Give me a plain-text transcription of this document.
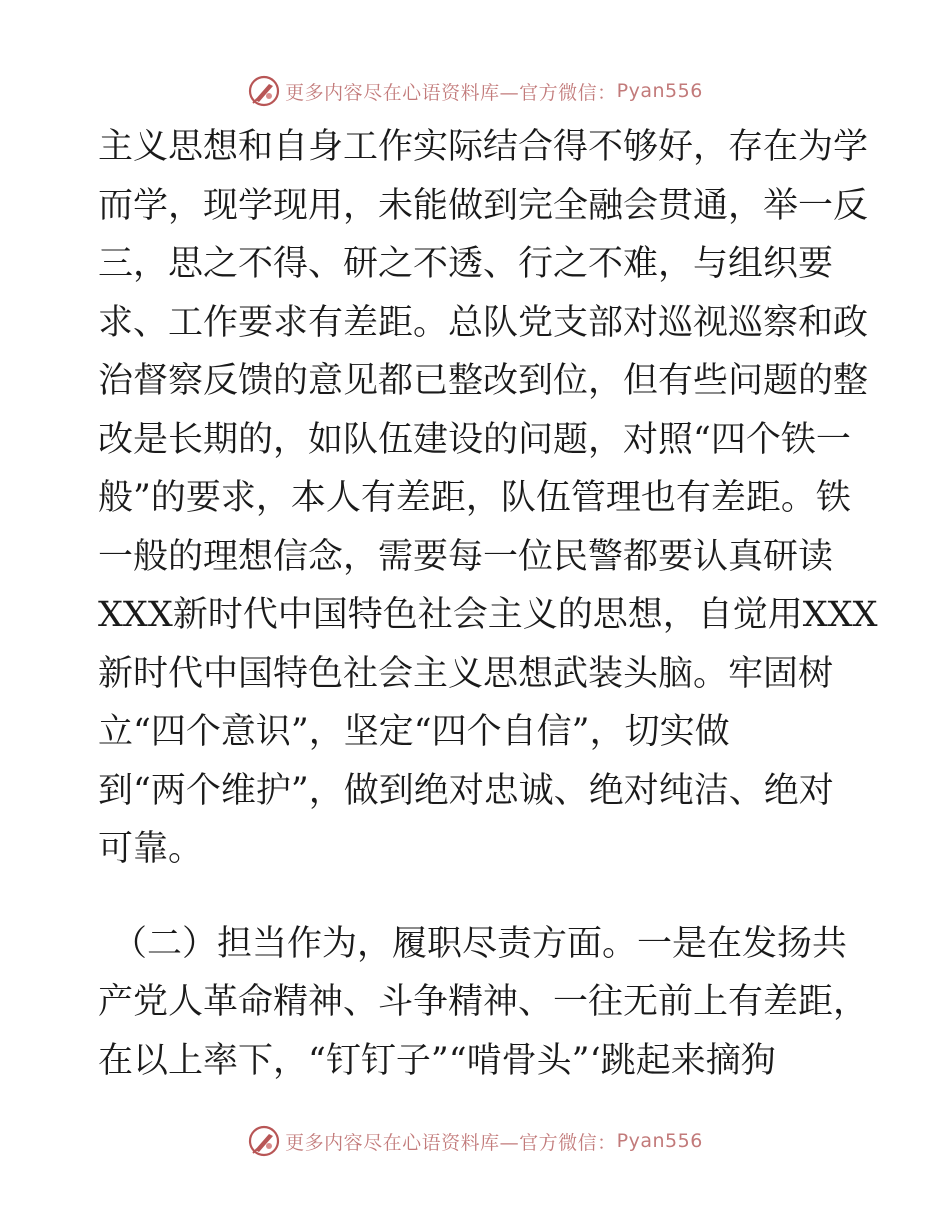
更多内容尽在心语资料库—官方微信： Pyan556
主义思想和自身工作实际结合得不够好，存在为学
而学，现学现用，未能做到完全融会贯通，举一反
三，思之不得、研之不透、行之不难，与组织要
求、工作要求有差距。总队党支部对巡视巡察和政
治督察反馈的意见都已整改到位，但有些问题的整
改是长期的，如队伍建设的问题，对照“四个铁一
般”的要求，本人有差距，队伍管理也有差距。铁
一般的理想信念，需要每一位民警都要认真研读
XXX新时代中国特色社会主义的思想，自觉用XXX
新时代中国特色社会主义思想武装头脑。牢固树
立“四个意识”，坚定“四个自信”，切实做
到“两个维护”，做到绝对忠诚、绝对纯洁、绝对
可靠。
（二）担当作为，履职尽责方面。一是在发扬共
产党人革命精神、斗争精神、一往无前上有差距，
在以上率下，“钉钉子”“啃骨头”‘跳起来摘狗
更多内容尽在心语资料库—官方微信： Pyan556
